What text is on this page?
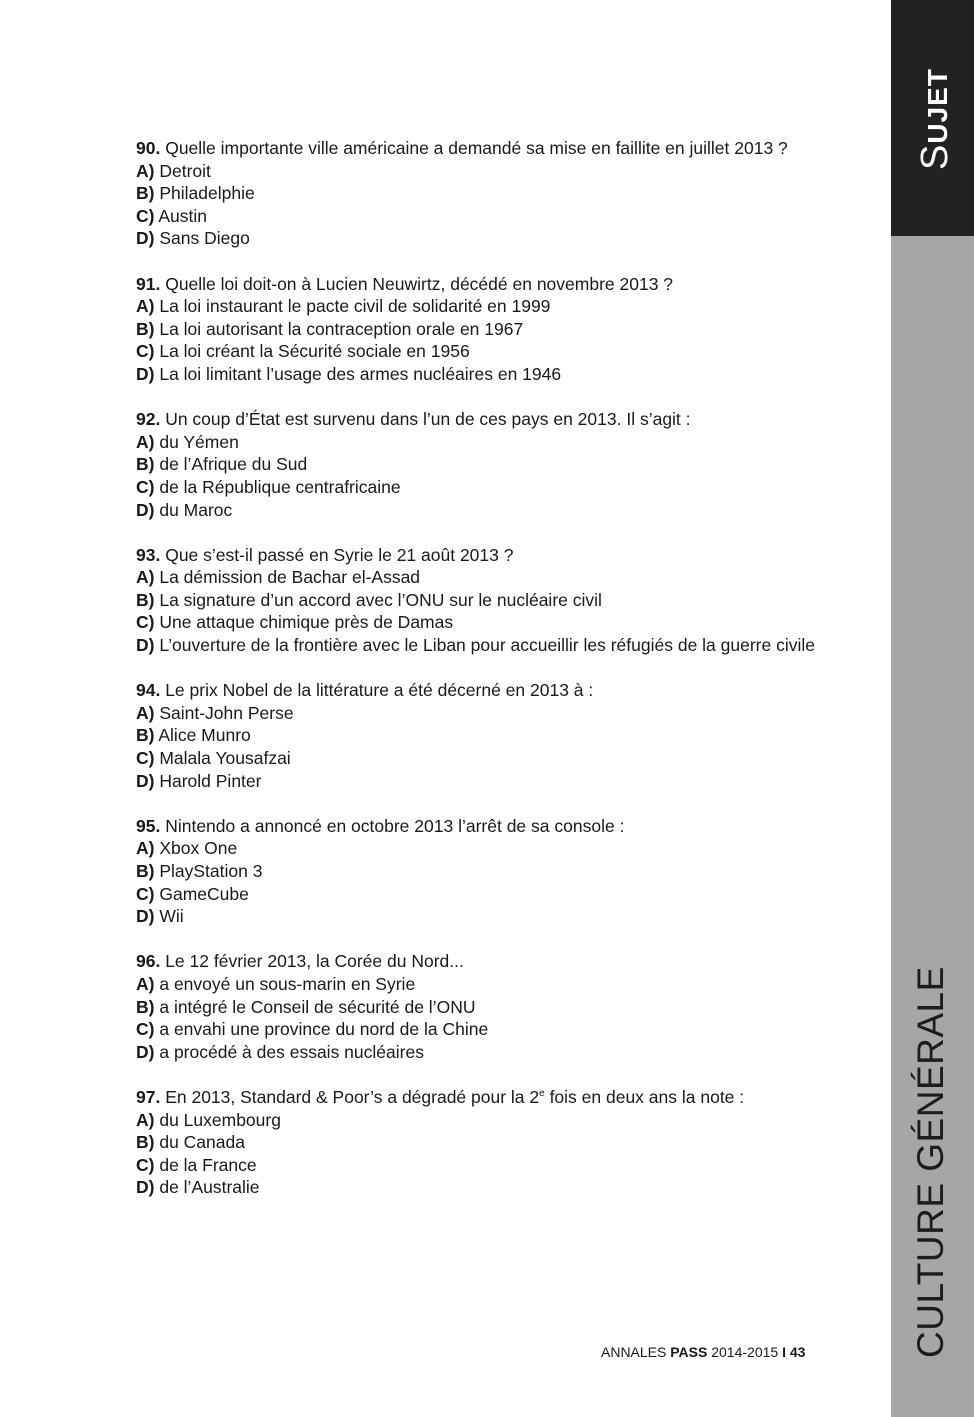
SUJET
CULTURE GÉNÉRALE

90. Quelle importante ville américaine a demandé sa mise en faillite en juillet 2013 ?

A) Detroit

B) Philadelphie

C) Austin

D) Sans Diego

91. Quelle loi doit-on à Lucien Neuwirtz, décédé en novembre 2013 ?

A) La loi instaurant le pacte civil de solidarité en 1999

B) La loi autorisant la contraception orale en 1967

C) La loi créant la Sécurité sociale en 1956

D) La loi limitant l’usage des armes nucléaires en 1946

92. Un coup d’État est survenu dans l’un de ces pays en 2013. Il s’agit :

A) du Yémen

B) de l’Afrique du Sud

C) de la République centrafricaine

D) du Maroc

93. Que s’est-il passé en Syrie le 21 août 2013 ?

A) La démission de Bachar el-Assad

B) La signature d’un accord avec l’ONU sur le nucléaire civil

C) Une attaque chimique près de Damas

D) L’ouverture de la frontière avec le Liban pour accueillir les réfugiés de la guerre civile

94. Le prix Nobel de la littérature a été décerné en 2013 à :

A) Saint-John Perse

B) Alice Munro

C) Malala Yousafzai

D) Harold Pinter

95. Nintendo a annoncé en octobre 2013 l’arrêt de sa console :

A) Xbox One

B) PlayStation 3

C) GameCube

D) Wii

96. Le 12 février 2013, la Corée du Nord...

A) a envoyé un sous-marin en Syrie

B) a intégré le Conseil de sécurité de l’ONU

C) a envahi une province du nord de la Chine

D) a procédé à des essais nucléaires

97. En 2013, Standard & Poor’s a dégradé pour la 2e fois en deux ans la note :

A) du Luxembourg

B) du Canada

C) de la France

D) de l’Australie

ANNALES PASS 2014-2015 I 43
